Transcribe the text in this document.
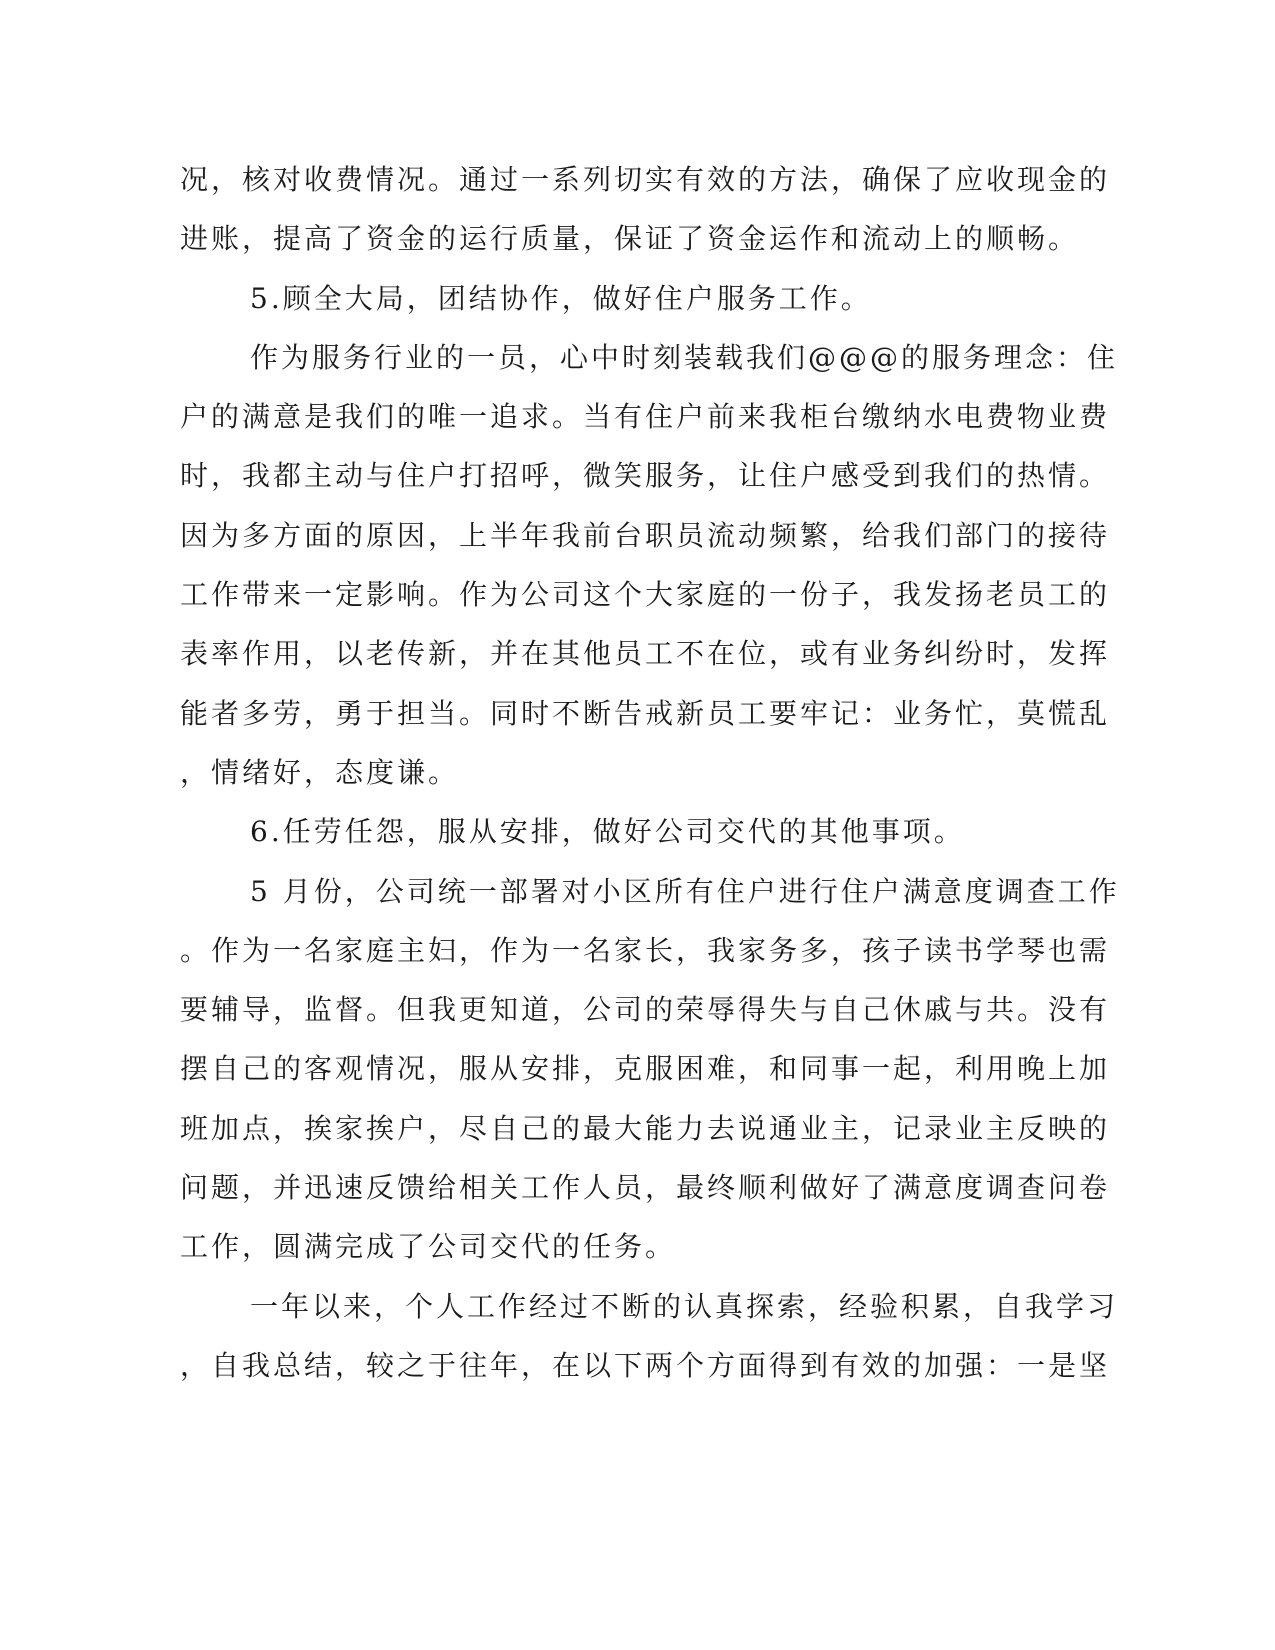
况，核对收费情况。通过一系列切实有效的方法，确保了应收现金的
进账，提高了资金的运行质量，保证了资金运作和流动上的顺畅。
5.顾全大局，团结协作，做好住户服务工作。
作为服务行业的一员，心中时刻装载我们@@@的服务理念：住
户的满意是我们的唯一追求。当有住户前来我柜台缴纳水电费物业费
时，我都主动与住户打招呼，微笑服务，让住户感受到我们的热情。
因为多方面的原因，上半年我前台职员流动频繁，给我们部门的接待
工作带来一定影响。作为公司这个大家庭的一份子，我发扬老员工的
表率作用，以老传新，并在其他员工不在位，或有业务纠纷时，发挥
能者多劳，勇于担当。同时不断告戒新员工要牢记：业务忙，莫慌乱
，情绪好，态度谦。
6.任劳任怨，服从安排，做好公司交代的其他事项。
5 月份，公司统一部署对小区所有住户进行住户满意度调查工作
。作为一名家庭主妇，作为一名家长，我家务多，孩子读书学琴也需
要辅导，监督。但我更知道，公司的荣辱得失与自己休戚与共。没有
摆自己的客观情况，服从安排，克服困难，和同事一起，利用晚上加
班加点，挨家挨户，尽自己的最大能力去说通业主，记录业主反映的
问题，并迅速反馈给相关工作人员，最终顺利做好了满意度调查问卷
工作，圆满完成了公司交代的任务。
一年以来，个人工作经过不断的认真探索，经验积累，自我学习
，自我总结，较之于往年，在以下两个方面得到有效的加强：一是坚
